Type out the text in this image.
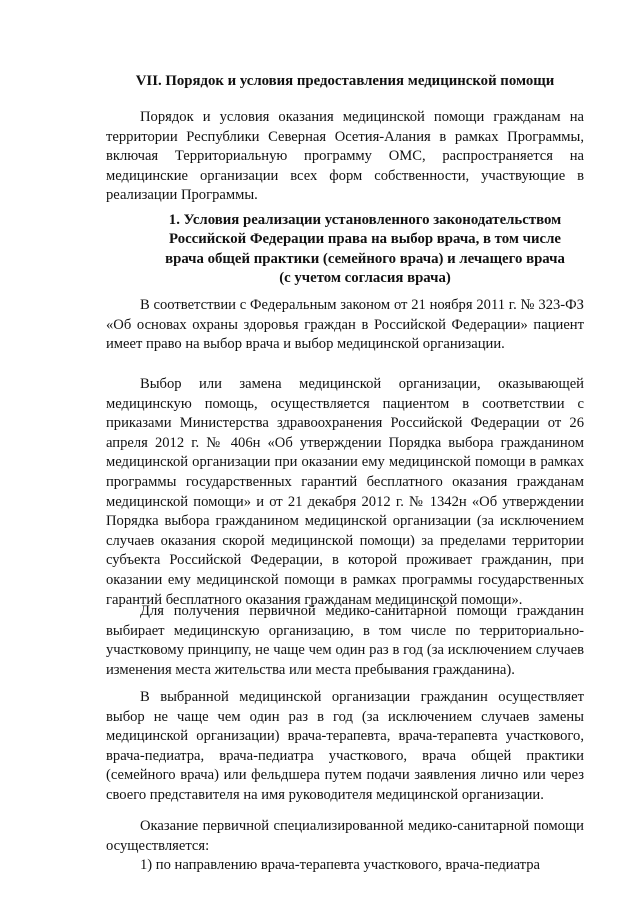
VII. Порядок и условия предоставления медицинской помощи

Порядок и условия оказания медицинской помощи гражданам на территории Республики Северная Осетия-Алания в рамках Программы, включая Территориальную программу ОМС, распространяется на медицинские организации всех форм собственности, участвующие в реализации Программы.

1. Условия реализации установленного законодательством
Российской Федерации права на выбор врача, в том числе
врача общей практики (семейного врача) и лечащего врача
(с учетом согласия врача)

В соответствии с Федеральным законом от 21 ноября 2011 г. № 323-ФЗ «Об основах охраны здоровья граждан в Российской Федерации» пациент имеет право на выбор врача и выбор медицинской организации.

Выбор или замена медицинской организации, оказывающей медицинскую помощь, осуществляется пациентом в соответствии с приказами Министерства здравоохранения Российской Федерации от 26 апреля 2012 г. № 406н «Об утверждении Порядка выбора гражданином медицинской организации при оказании ему медицинской помощи в рамках программы государственных гарантий бесплатного оказания гражданам медицинской помощи» и от 21 декабря 2012 г. № 1342н «Об утверждении Порядка выбора гражданином медицинской организации (за исключением случаев оказания скорой медицинской помощи) за пределами территории субъекта Российской Федерации, в которой проживает гражданин, при оказании ему медицинской помощи в рамках программы государственных гарантий бесплатного оказания гражданам медицинской помощи».

Для получения первичной медико-санитарной помощи гражданин выбирает медицинскую организацию, в том числе по территориально-участковому принципу, не чаще чем один раз в год (за исключением случаев изменения места жительства или места пребывания гражданина).

В выбранной медицинской организации гражданин осуществляет выбор не чаще чем один раз в год (за исключением случаев замены медицинской организации) врача-терапевта, врача-терапевта участкового, врача-педиатра, врача-педиатра участкового, врача общей практики (семейного врача) или фельдшера путем подачи заявления лично или через своего представителя на имя руководителя медицинской организации.

Оказание первичной специализированной медико-санитарной помощи осуществляется:

1) по направлению врача-терапевта участкового, врача-педиатра
